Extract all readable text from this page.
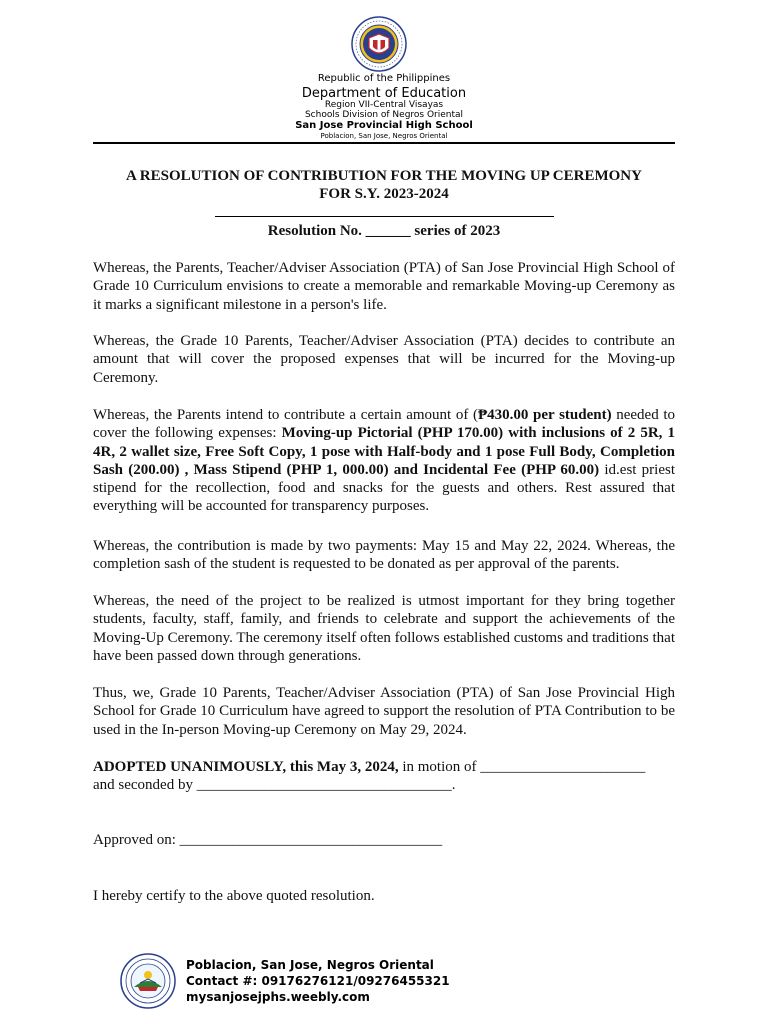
Republic of the Philippines
Department of Education
Region VII-Central Visayas
Schools Division of Negros Oriental
San Jose Provincial High School
Poblacion, San Jose, Negros Oriental
A RESOLUTION OF CONTRIBUTION FOR THE MOVING UP CEREMONY
FOR S.Y. 2023-2024
Resolution No. ______ series of 2023

Whereas, the Parents, Teacher/Adviser Association (PTA) of San Jose Provincial High School of Grade 10 Curriculum envisions to create a memorable and remarkable Moving-up Ceremony as it marks a significant milestone in a person's life.

Whereas, the Grade 10 Parents, Teacher/Adviser Association (PTA) decides to contribute an amount that will cover the proposed expenses that will be incurred for the Moving-up Ceremony.

Whereas, the Parents intend to contribute a certain amount of (₱430.00 per student) needed to cover the following expenses: Moving-up Pictorial (PHP 170.00) with inclusions of 2 5R, 1 4R, 2 wallet size, Free Soft Copy, 1 pose with Half-body and 1 pose Full Body, Completion Sash (200.00) , Mass Stipend (PHP 1, 000.00) and Incidental Fee (PHP 60.00) id.est priest stipend for the recollection, food and snacks for the guests and others. Rest assured that everything will be accounted for transparency purposes.

Whereas, the contribution is made by two payments: May 15 and May 22, 2024. Whereas, the completion sash of the student is requested to be donated as per approval of the parents.

Whereas, the need of the project to be realized is utmost important for they bring together students, faculty, staff, family, and friends to celebrate and support the achievements of the Moving-Up Ceremony. The ceremony itself often follows established customs and traditions that have been passed down through generations.

Thus, we, Grade 10 Parents, Teacher/Adviser Association (PTA) of San Jose Provincial High School for Grade 10 Curriculum have agreed to support the resolution of PTA Contribution to be used in the In-person Moving-up Ceremony on May 29, 2024.

ADOPTED UNANIMOUSLY, this May 3, 2024, in motion of ______________________

and seconded by __________________________________.

Approved on: ___________________________________

I hereby certify to the above quoted resolution.

Poblacion, San Jose, Negros Oriental
Contact #: 09176276121/09276455321
mysanjosejphs.weebly.com
